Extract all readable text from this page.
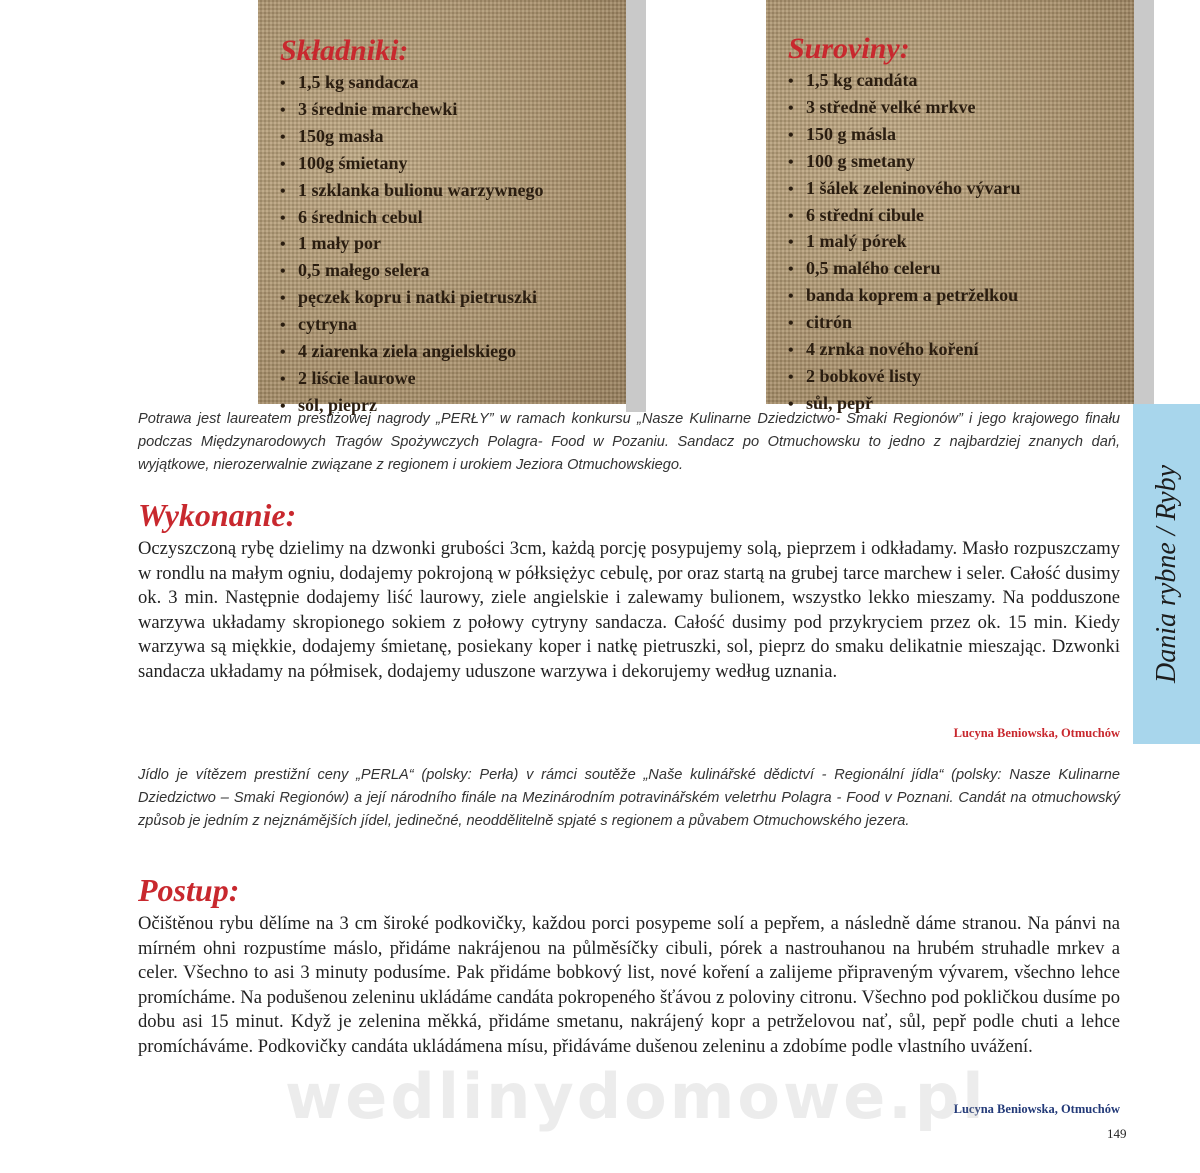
Składniki:
• 1,5 kg sandacza
• 3 średnie marchewki
• 150g masła
• 100g śmietany
• 1 szklanka bulionu warzywnego
• 6 średnich cebul
• 1 mały por
• 0,5 małego selera
• pęczek kopru i natki pietruszki
• cytryna
• 4 ziarenka ziela angielskiego
• 2 liście laurowe
• sól, pieprz
Suroviny:
• 1,5 kg candáta
• 3 středně velké mrkve
• 150 g másla
• 100 g smetany
• 1 šálek zeleninového vývaru
• 6 střední cibule
• 1 malý pórek
• 0,5 malého celeru
• banda koprem a petrželkou
• citrón
• 4 zrnka nového koření
• 2 bobkové listy
• sůl, pepř
Dania rybne / Ryby

Potrawa jest laureatem prestiżowej nagrody „PERŁY” w ramach konkursu „Nasze Kulinarne Dziedzictwo- Smaki Regionów” i jego krajowego finału podczas Międzynarodowych Tragów Spożywczych Polagra- Food w Pozaniu. Sandacz po Otmuchowsku to jedno z najbardziej znanych dań, wyjątkowe, nierozerwalnie związane z regionem i urokiem Jeziora Otmuchowskiego.

Wykonanie:

Oczyszczoną rybę dzielimy na dzwonki grubości 3cm, każdą porcję posypujemy solą, pieprzem i odkładamy. Masło rozpuszczamy w rondlu na małym ogniu, dodajemy pokrojoną w półksiężyc cebulę, por oraz startą na grubej tarce marchew i seler. Całość dusimy ok. 3 min. Następnie dodajemy liść laurowy, ziele angielskie i zalewamy bulionem, wszystko lekko mieszamy. Na podduszone warzywa układamy skropionego sokiem z połowy cytryny sandacza. Całość dusimy pod przykryciem przez ok. 15 min. Kiedy warzywa są miękkie, dodajemy śmietanę, posiekany koper i natkę pietruszki, sol, pieprz do smaku delikatnie mieszając. Dzwonki sandacza układamy na półmisek, dodajemy uduszone warzywa i dekorujemy według uznania.

Lucyna Beniowska, Otmuchów

Jídlo je vítězem prestižní ceny „PERLA“ (polsky: Perła) v rámci soutěže „Naše kulinářské dědictví - Regionální jídla“ (polsky: Nasze Kulinarne Dziedzictwo – Smaki Regionów) a její národního finále na Mezinárodním potravinářském veletrhu Polagra - Food v Poznani. Candát na otmuchowský způsob je jedním z nejznámějších jídel, jedinečné, neoddělitelně spjaté s regionem a půvabem Otmuchowského jezera.

Postup:

Očištěnou rybu dělíme na 3 cm široké podkovičky, každou porci posypeme solí a pepřem, a následně dáme stranou. Na pánvi na mírném ohni rozpustíme máslo, přidáme nakrájenou na půlměsíčky cibuli, pórek a nastrouhanou na hrubém struhadle mrkev a celer. Všechno to asi 3 minuty podusíme. Pak přidáme bobkový list, nové koření a zalijeme připraveným vývarem, všechno lehce promícháme. Na podušenou zeleninu ukládáme candáta pokropeného šťávou z poloviny citronu. Všechno pod pokličkou dusíme po dobu asi 15 minut. Když je zelenina měkká, přidáme smetanu, nakrájený kopr a petrželovou nať, sůl, pepř podle chuti a lehce promícháváme. Podkovičky candáta ukládámena mísu, přidáváme dušenou zeleninu a zdobíme podle vlastního uvážení.

Lucyna Beniowska, Otmuchów

wedlinydomowe.pl

149
